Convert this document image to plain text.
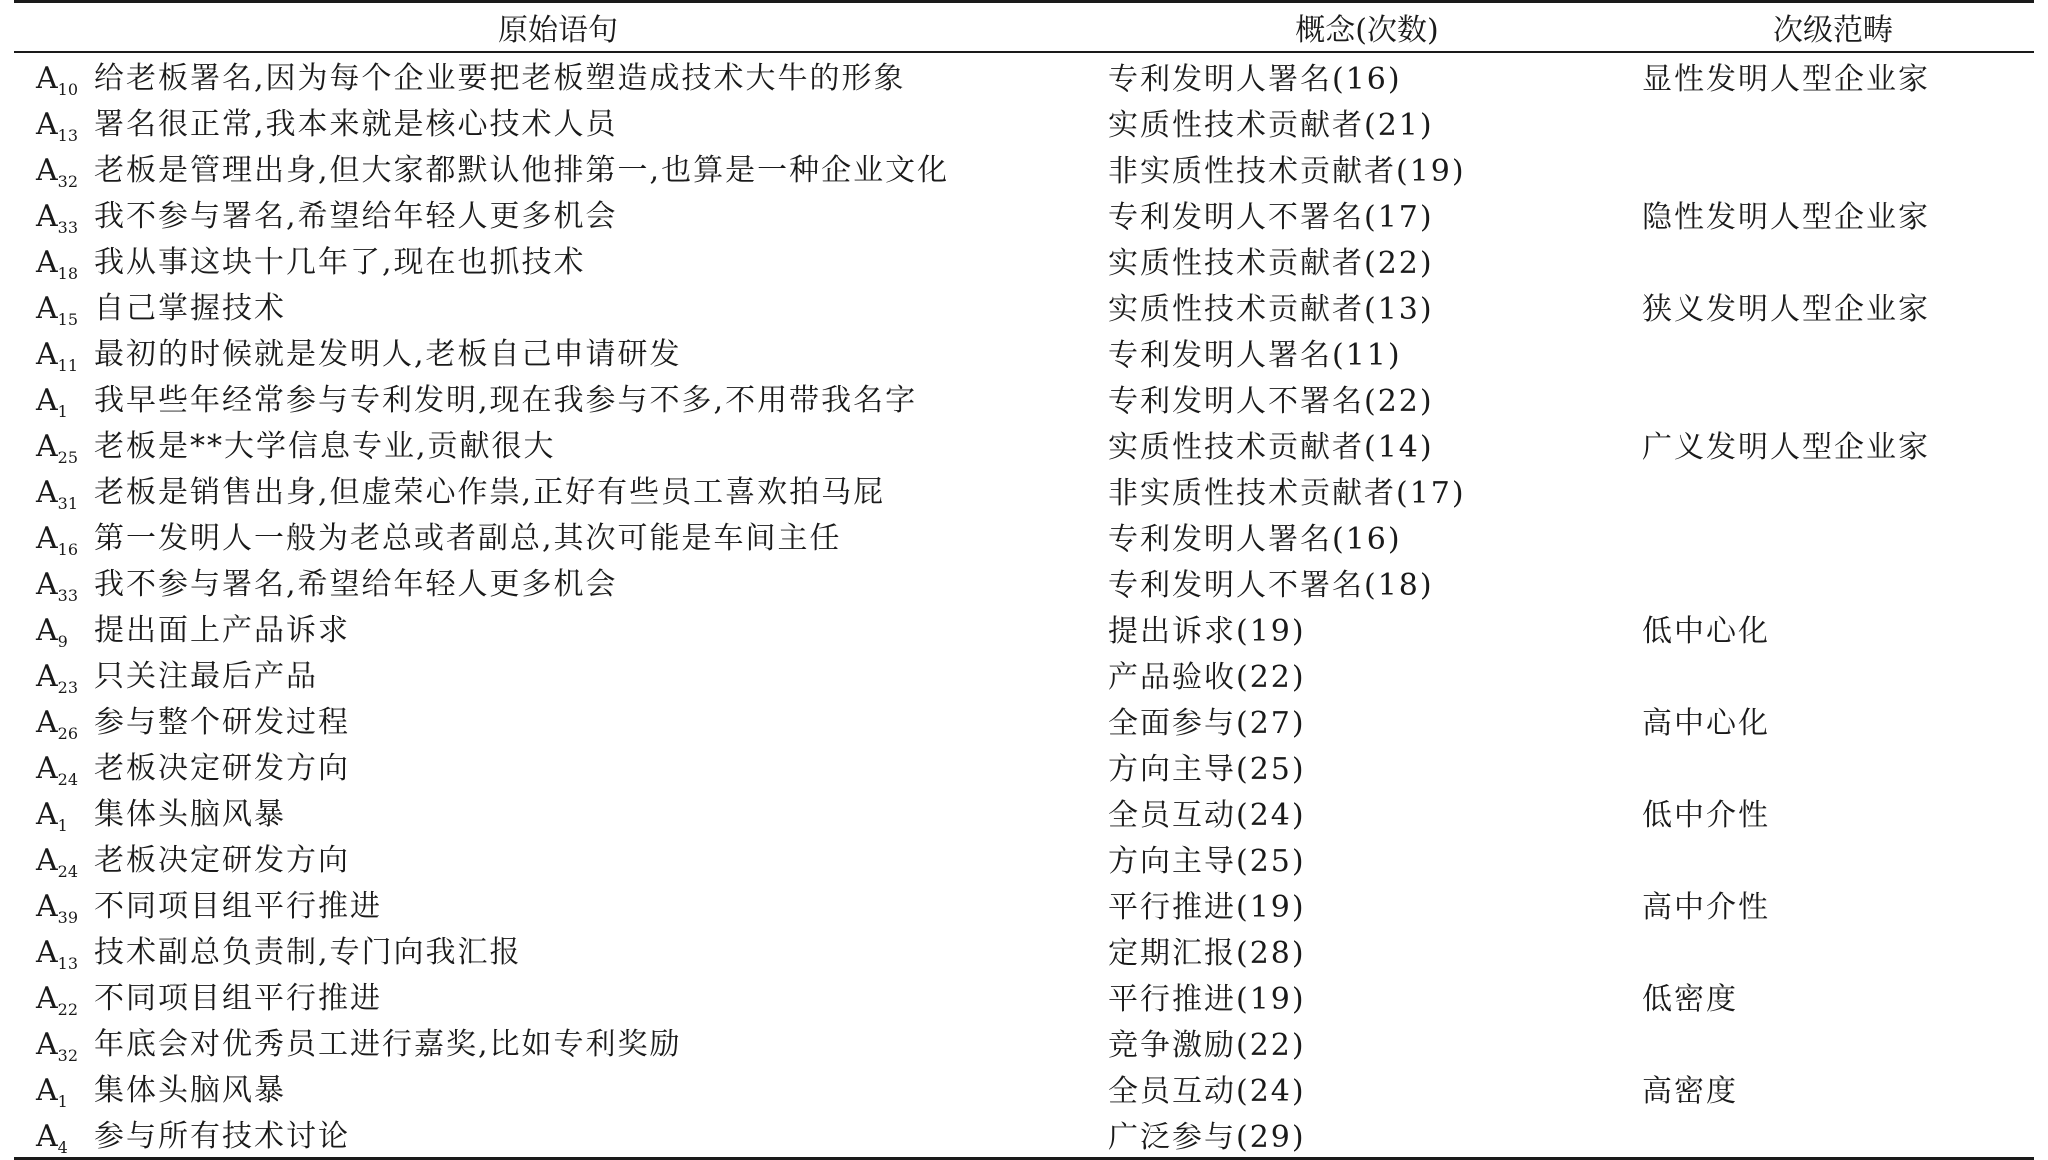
原始语句	概念(次数)	次级范畴
$A_{10}$ 给老板署名,因为每个企业要把老板塑造成技术大牛的形象	专利发明人署名(16)	显性发明人型企业家
$A_{13}$ 署名很正常,我本来就是核心技术人员	实质性技术贡献者(21)	
$A_{32}$ 老板是管理出身,但大家都默认他排第一,也算是一种企业文化	非实质性技术贡献者(19)	
$A_{33}$ 我不参与署名,希望给年轻人更多机会	专利发明人不署名(17)	隐性发明人型企业家
$A_{18}$ 我从事这块十几年了,现在也抓技术	实质性技术贡献者(22)	
$A_{15}$ 自己掌握技术	实质性技术贡献者(13)	狭义发明人型企业家
$A_{11}$ 最初的时候就是发明人,老板自己申请研发	专利发明人署名(11)	
$A_1$ 我早些年经常参与专利发明,现在我参与不多,不用带我名字	专利发明人不署名(22)	
$A_{25}$ 老板是**大学信息专业,贡献很大	实质性技术贡献者(14)	广义发明人型企业家
$A_{31}$ 老板是销售出身,但虚荣心作祟,正好有些员工喜欢拍马屁	非实质性技术贡献者(17)	
$A_{16}$ 第一发明人一般为老总或者副总,其次可能是车间主任	专利发明人署名(16)	
$A_{33}$ 我不参与署名,希望给年轻人更多机会	专利发明人不署名(18)	
$A_9$ 提出面上产品诉求	提出诉求(19)	低中心化
$A_{23}$ 只关注最后产品	产品验收(22)	
$A_{26}$ 参与整个研发过程	全面参与(27)	高中心化
$A_{24}$ 老板决定研发方向	方向主导(25)	
$A_1$ 集体头脑风暴	全员互动(24)	低中介性
$A_{24}$ 老板决定研发方向	方向主导(25)	
$A_{39}$ 不同项目组平行推进	平行推进(19)	高中介性
$A_{13}$ 技术副总负责制,专门向我汇报	定期汇报(28)	
$A_{22}$ 不同项目组平行推进	平行推进(19)	低密度
$A_{32}$ 年底会对优秀员工进行嘉奖,比如专利奖励	竞争激励(22)	
$A_1$ 集体头脑风暴	全员互动(24)	高密度
$A_4$ 参与所有技术讨论	广泛参与(29)	
